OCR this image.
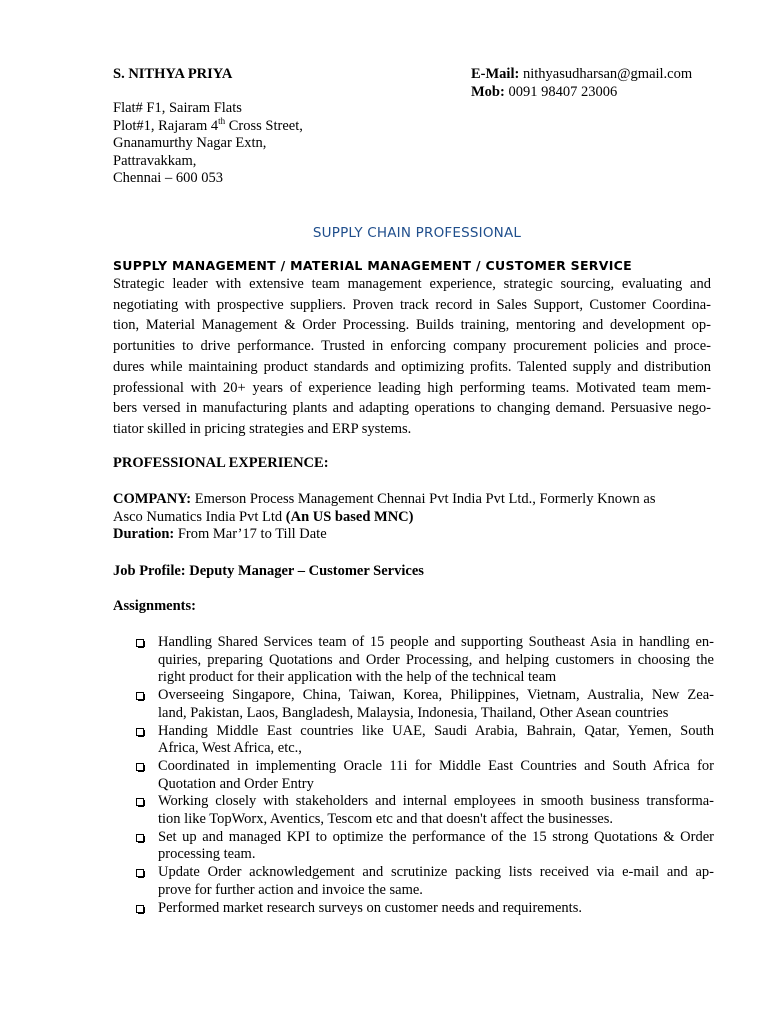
S. NITHYA PRIYA	E-Mail: nithyasudharsan@gmail.com
Mob: 0091 98407 23006
Flat# F1, Sairam Flats
Plot#1, Rajaram 4th Cross Street,
Gnanamurthy Nagar Extn,
Pattravakkam,
Chennai – 600 053
SUPPLY CHAIN PROFESSIONAL
SUPPLY MANAGEMENT / MATERIAL MANAGEMENT / CUSTOMER SERVICE
Strategic leader with extensive team management experience, strategic sourcing, evaluating and
negotiating with prospective suppliers. Proven track record in Sales Support, Customer Coordina-
tion, Material Management & Order Processing. Builds training, mentoring and development op-
portunities to drive performance. Trusted in enforcing company procurement policies and proce-
dures while maintaining product standards and optimizing profits. Talented supply and distribution
professional with 20+ years of experience leading high performing teams. Motivated team mem-
bers versed in manufacturing plants and adapting operations to changing demand. Persuasive nego-
tiator skilled in pricing strategies and ERP systems.
PROFESSIONAL EXPERIENCE:
COMPANY: Emerson Process Management Chennai Pvt India Pvt Ltd., Formerly Known as
Asco Numatics India Pvt Ltd (An US based MNC)
Duration: From Mar’17 to Till Date
Job Profile: Deputy Manager – Customer Services
Assignments:
Handling Shared Services team of 15 people and supporting Southeast Asia in handling en-
quiries, preparing Quotations and Order Processing, and helping customers in choosing the
right product for their application with the help of the technical team
Overseeing Singapore, China, Taiwan, Korea, Philippines, Vietnam, Australia, New Zea-
land, Pakistan, Laos, Bangladesh, Malaysia, Indonesia, Thailand, Other Asean countries
Handing Middle East countries like UAE, Saudi Arabia, Bahrain, Qatar, Yemen, South
Africa, West Africa, etc.,
Coordinated in implementing Oracle 11i for Middle East Countries and South Africa for
Quotation and Order Entry
Working closely with stakeholders and internal employees in smooth business transforma-
tion like TopWorx, Aventics, Tescom etc and that doesn't affect the businesses.
Set up and managed KPI to optimize the performance of the 15 strong Quotations & Order
processing team.
Update Order acknowledgement and scrutinize packing lists received via e-mail and ap-
prove for further action and invoice the same.
Performed market research surveys on customer needs and requirements.
